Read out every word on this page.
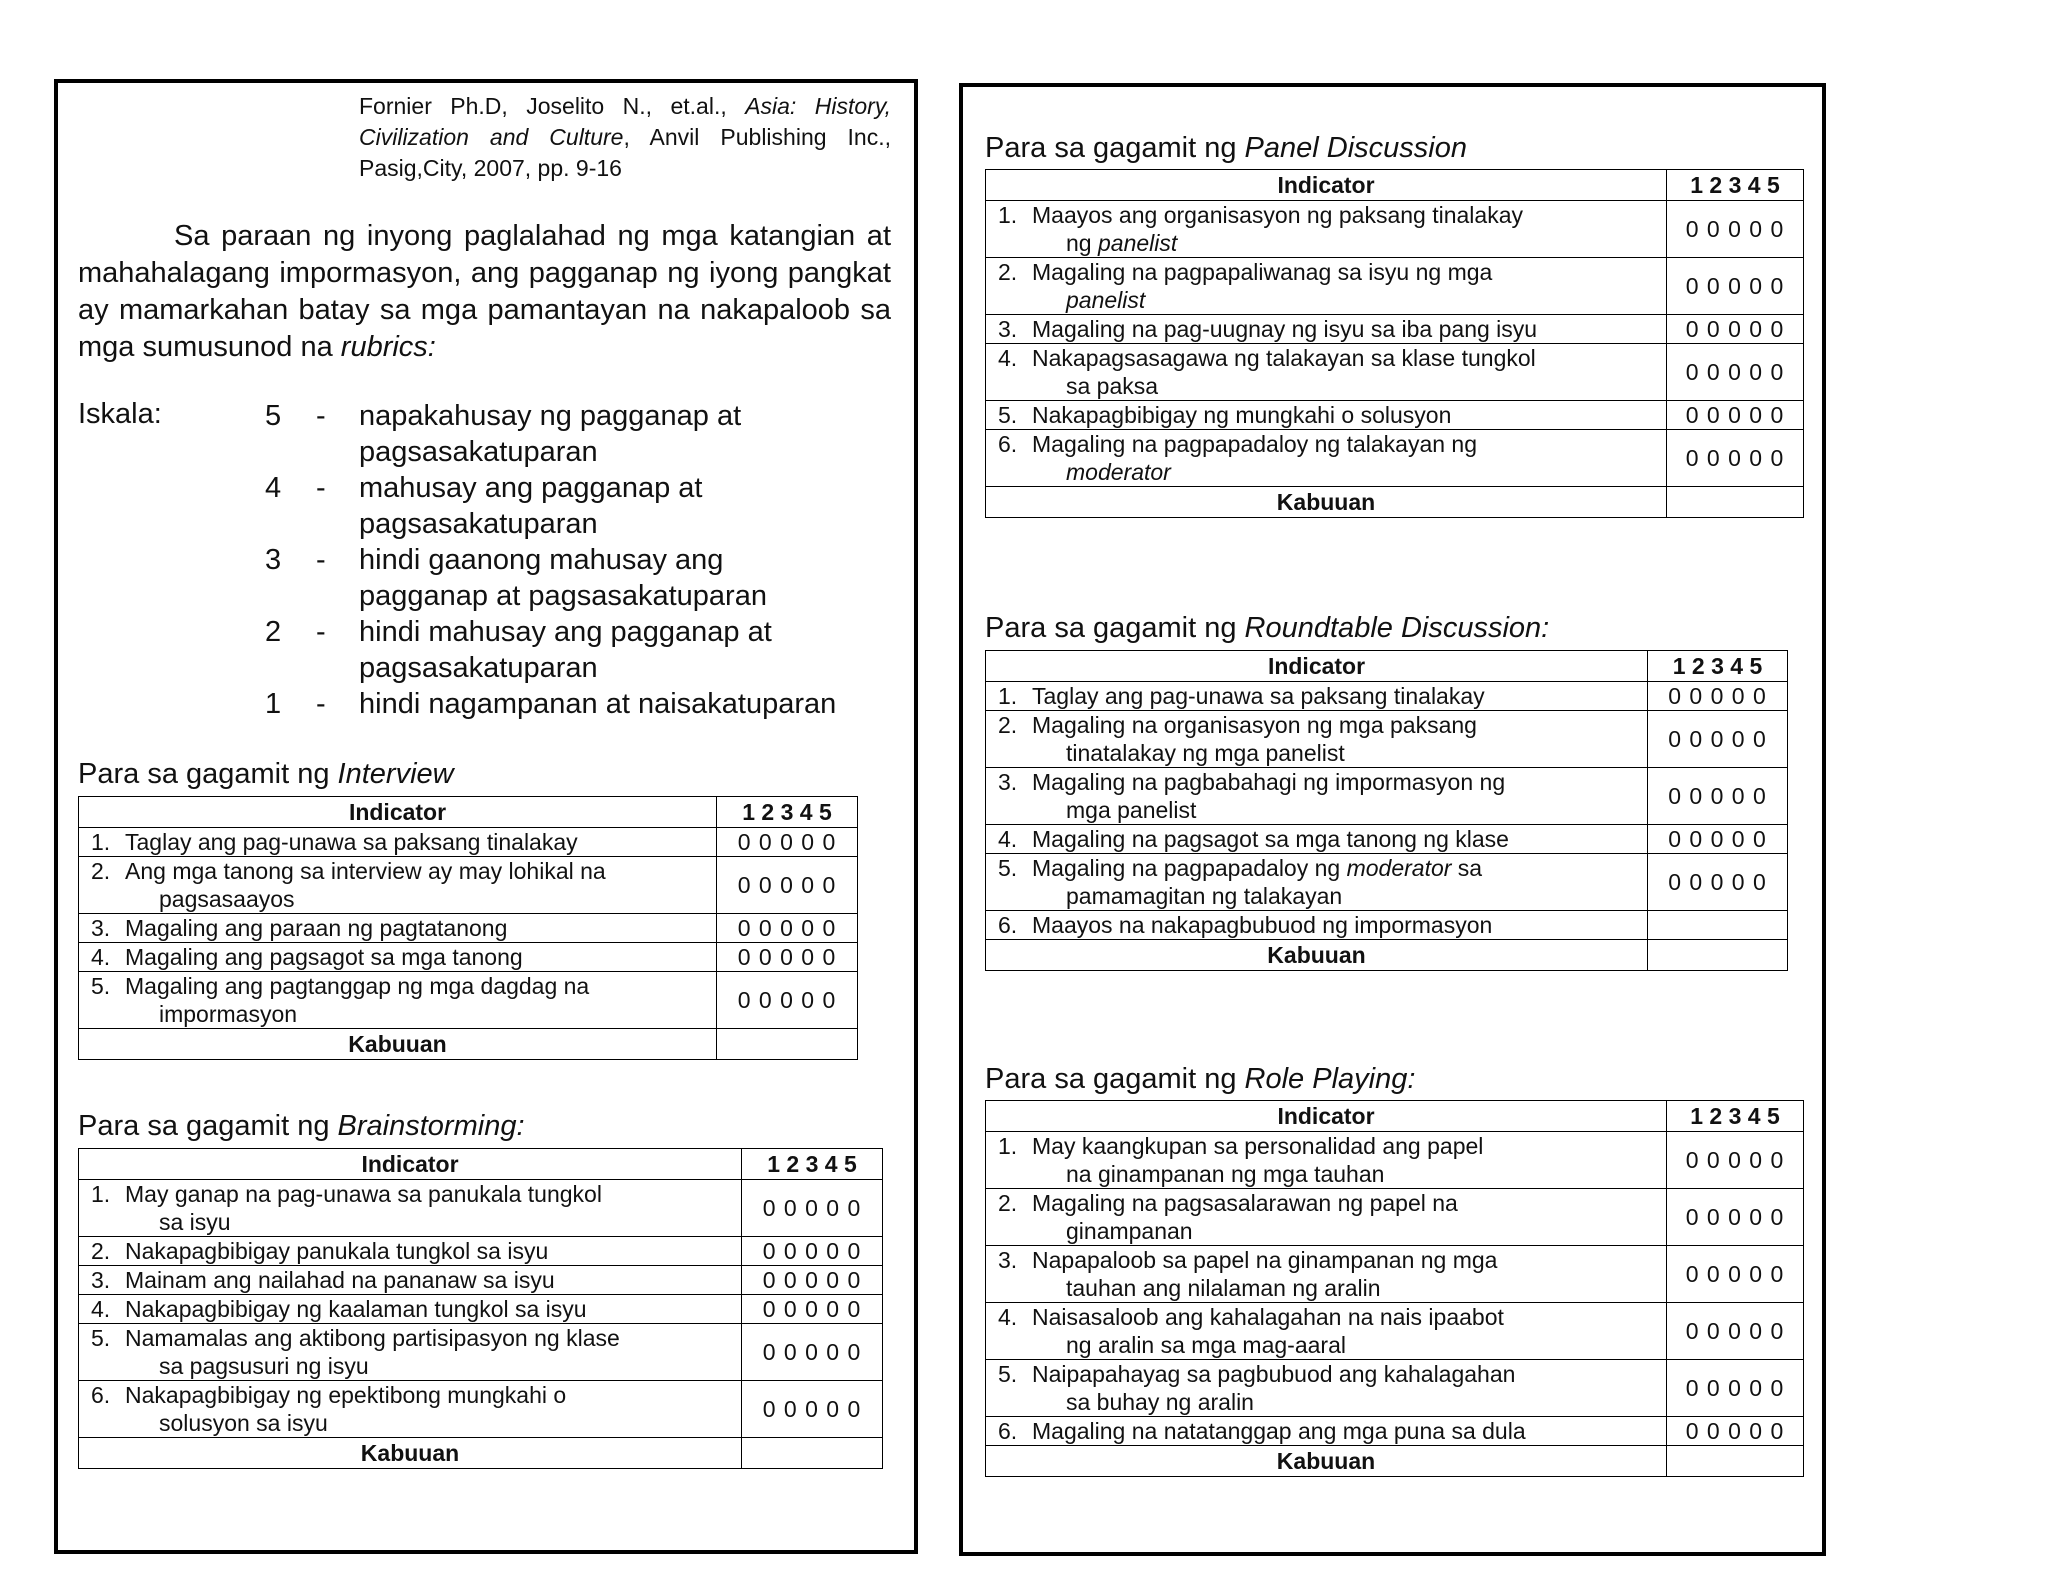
Fornier Ph.D, Joselito N., et.al., Asia: History,
Civilization and Culture, Anvil Publishing Inc.,
Pasig,City, 2007, pp. 9-16
Sa paraan ng inyong paglalahad ng mga katangian at mahahalagang impormasyon, ang pagganap ng iyong pangkat ay mamarkahan batay sa mga pamantayan na nakapaloob sa mga sumusunod na rubrics:
Iskala:	5 - napakahusay ng pagganap at
pagsasakatuparan
4 - mahusay ang pagganap at
pagsasakatuparan
3 - hindi gaanong mahusay ang
pagganap at pagsasakatuparan
2 - hindi mahusay ang pagganap at
pagsasakatuparan
1 - hindi nagampanan at naisakatuparan
Para sa gagamit ng Interview
Para sa gagamit ng Brainstorming:
Para sa gagamit ng Panel Discussion
Para sa gagamit ng Roundtable Discussion:
Para sa gagamit ng Role Playing:
Indicator	1 2 3 4 5
1. Taglay ang pag-unawa sa paksang tinalakay	0 0 0 0 0
2. Ang mga tanong sa interview ay may lohikal na
pagsasaayos	0 0 0 0 0
3. Magaling ang paraan ng pagtatanong	0 0 0 0 0
4. Magaling ang pagsagot sa mga tanong	0 0 0 0 0
5. Magaling ang pagtanggap ng mga dagdag na
impormasyon	0 0 0 0 0
Kabuuan	
Indicator	1 2 3 4 5
1. May ganap na pag-unawa sa panukala tungkol
sa isyu	0 0 0 0 0
2. Nakapagbibigay panukala tungkol sa isyu	0 0 0 0 0
3. Mainam ang nailahad na pananaw sa isyu	0 0 0 0 0
4. Nakapagbibigay ng kaalaman tungkol sa isyu	0 0 0 0 0
5. Namamalas ang aktibong partisipasyon ng klase
sa pagsusuri ng isyu	0 0 0 0 0
6. Nakapagbibigay ng epektibong mungkahi o
solusyon sa isyu	0 0 0 0 0
Kabuuan	
Indicator	1 2 3 4 5
1. Maayos ang organisasyon ng paksang tinalakay
ng panelist	0 0 0 0 0
2. Magaling na pagpapaliwanag sa isyu ng mga
panelist	0 0 0 0 0
3. Magaling na pag-uugnay ng isyu sa iba pang isyu	0 0 0 0 0
4. Nakapagsasagawa ng talakayan sa klase tungkol
sa paksa	0 0 0 0 0
5. Nakapagbibigay ng mungkahi o solusyon	0 0 0 0 0
6. Magaling na pagpapadaloy ng talakayan ng
moderator	0 0 0 0 0
Kabuuan	
Indicator	1 2 3 4 5
1. Taglay ang pag-unawa sa paksang tinalakay	0 0 0 0 0
2. Magaling na organisasyon ng mga paksang
tinatalakay ng mga panelist	0 0 0 0 0
3. Magaling na pagbabahagi ng impormasyon ng
mga panelist	0 0 0 0 0
4. Magaling na pagsagot sa mga tanong ng klase	0 0 0 0 0
5. Magaling na pagpapadaloy ng moderator sa
pamamagitan ng talakayan	0 0 0 0 0
6. Maayos na nakapagbubuod ng impormasyon	
Kabuuan	
Indicator	1 2 3 4 5
1. May kaangkupan sa personalidad ang papel
na ginampanan ng mga tauhan	0 0 0 0 0
2. Magaling na pagsasalarawan ng papel na
ginampanan	0 0 0 0 0
3. Napapaloob sa papel na ginampanan ng mga
tauhan ang nilalaman ng aralin	0 0 0 0 0
4. Naisasaloob ang kahalagahan na nais ipaabot
ng aralin sa mga mag-aaral	0 0 0 0 0
5. Naipapahayag sa pagbubuod ang kahalagahan
sa buhay ng aralin	0 0 0 0 0
6. Magaling na natatanggap ang mga puna sa dula	0 0 0 0 0
Kabuuan	
